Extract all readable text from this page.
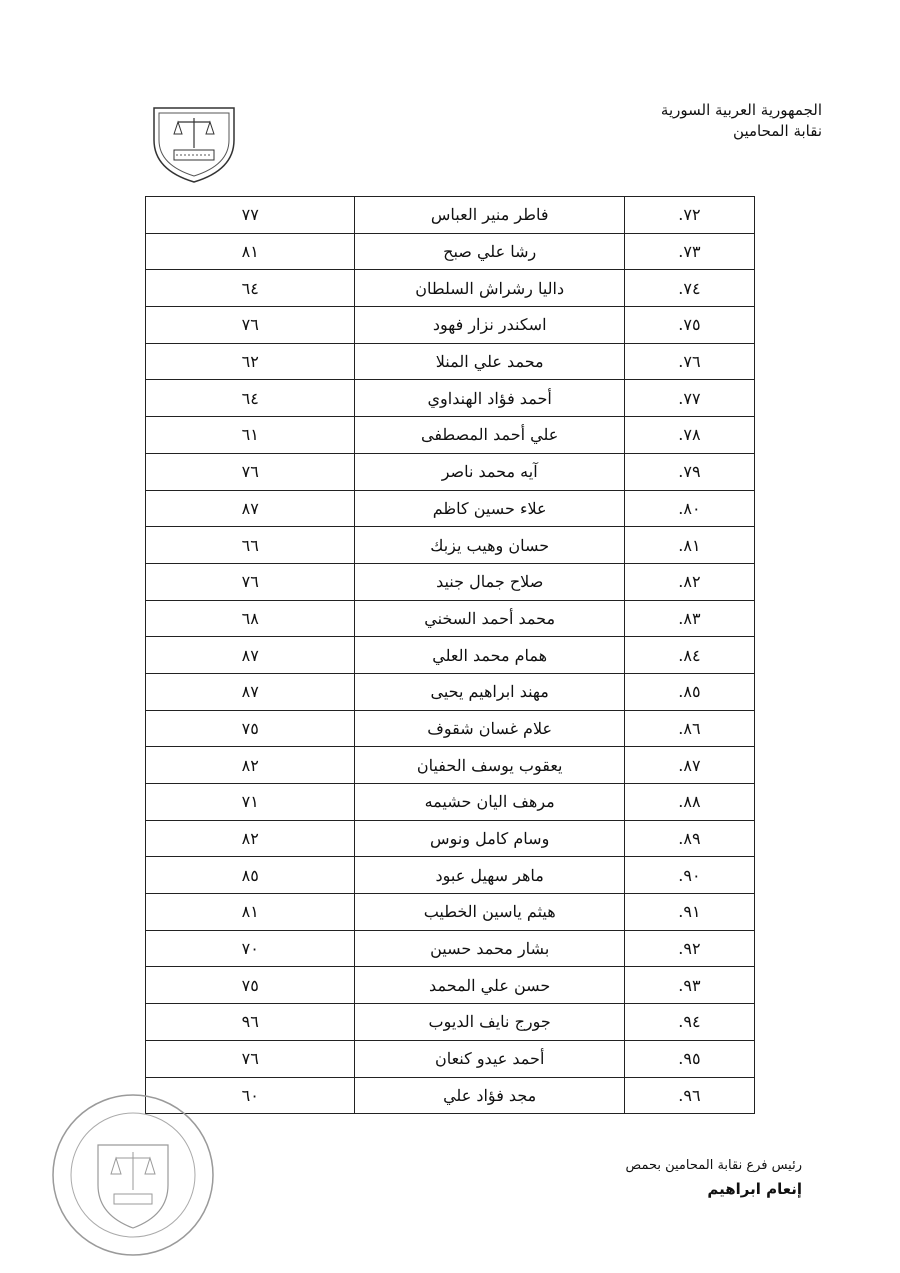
الجمهورية العربية السورية
نقابة المحامين
٧٢.	فاطر منير العباس	٧٧
٧٣.	رشا علي صبح	٨١
٧٤.	داليا رشراش السلطان	٦٤
٧٥.	اسكندر نزار فهود	٧٦
٧٦.	محمد علي المنلا	٦٢
٧٧.	أحمد فؤاد الهنداوي	٦٤
٧٨.	علي أحمد المصطفى	٦١
٧٩.	آيه محمد ناصر	٧٦
٨٠.	علاء حسين كاظم	٨٧
٨١.	حسان وهيب يزبك	٦٦
٨٢.	صلاح جمال جنيد	٧٦
٨٣.	محمد أحمد السخني	٦٨
٨٤.	همام محمد العلي	٨٧
٨٥.	مهند ابراهيم يحيى	٨٧
٨٦.	علام غسان شقوف	٧٥
٨٧.	يعقوب يوسف الحفيان	٨٢
٨٨.	مرهف اليان حشيمه	٧١
٨٩.	وسام كامل ونوس	٨٢
٩٠.	ماهر سهيل عبود	٨٥
٩١.	هيثم ياسين الخطيب	٨١
٩٢.	بشار محمد حسين	٧٠
٩٣.	حسن علي المحمد	٧٥
٩٤.	جورج نايف الديوب	٩٦
٩٥.	أحمد عيدو كنعان	٧٦
٩٦.	مجد فؤاد علي	٦٠
رئيس فرع نقابة المحامين بحمص
إنعام ابراهيم
